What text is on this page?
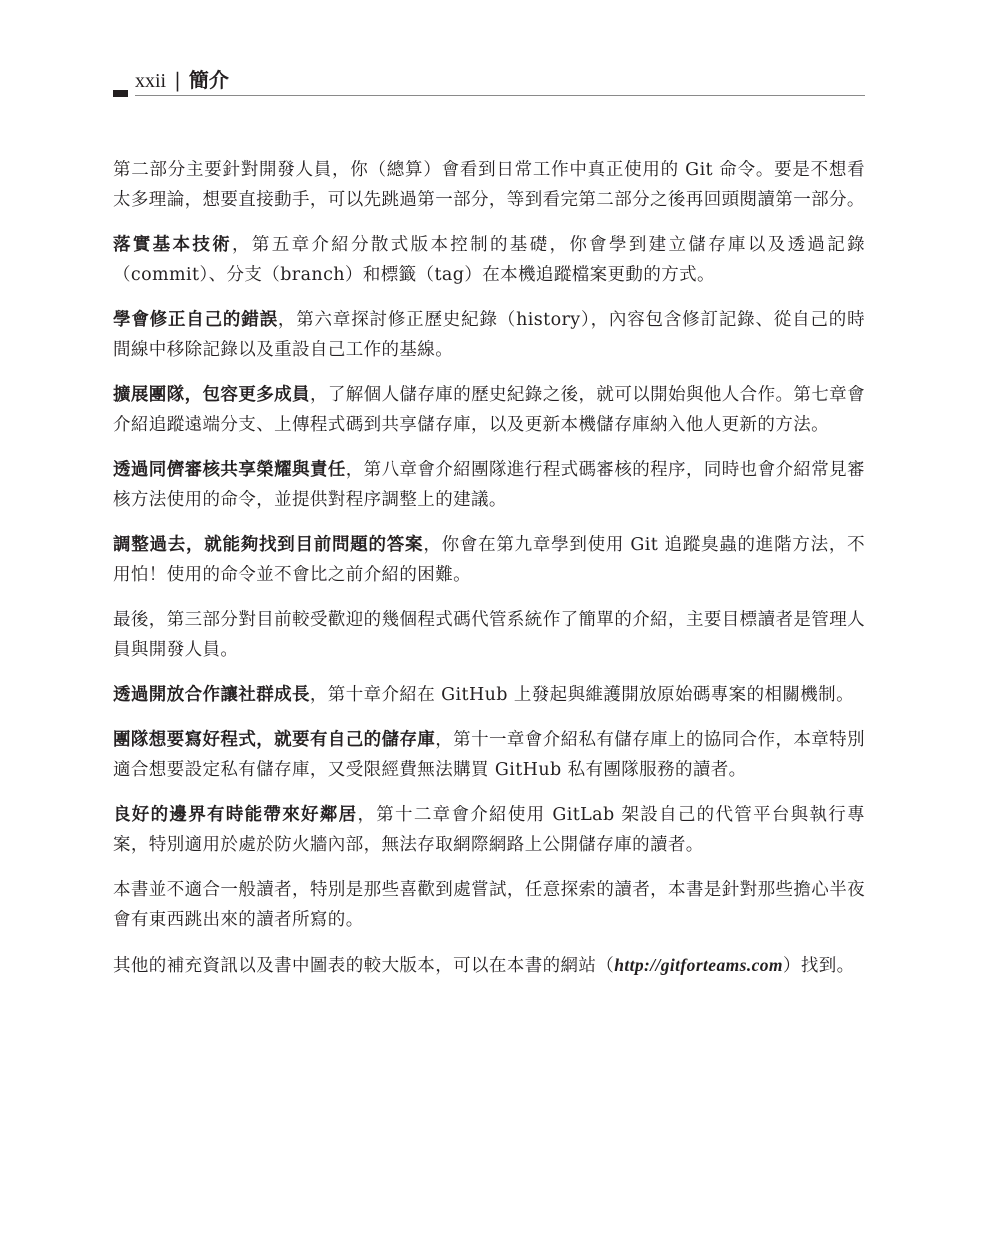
xxii | 簡介

第二部分主要針對開發人員，你（總算）會看到日常工作中真正使用的 Git 命令。要是不想看太多理論，想要直接動手，可以先跳過第一部分，等到看完第二部分之後再回頭閱讀第一部分。

落實基本技術，第五章介紹分散式版本控制的基礎，你會學到建立儲存庫以及透過記錄（commit）、分支（branch）和標籤（tag）在本機追蹤檔案更動的方式。

學會修正自己的錯誤，第六章探討修正歷史紀錄（history），內容包含修訂記錄、從自己的時間線中移除記錄以及重設自己工作的基線。

擴展團隊，包容更多成員，了解個人儲存庫的歷史紀錄之後，就可以開始與他人合作。第七章會介紹追蹤遠端分支、上傳程式碼到共享儲存庫，以及更新本機儲存庫納入他人更新的方法。

透過同儕審核共享榮耀與責任，第八章會介紹團隊進行程式碼審核的程序，同時也會介紹常見審核方法使用的命令，並提供對程序調整上的建議。

調整過去，就能夠找到目前問題的答案，你會在第九章學到使用 Git 追蹤臭蟲的進階方法，不用怕！使用的命令並不會比之前介紹的困難。

最後，第三部分對目前較受歡迎的幾個程式碼代管系統作了簡單的介紹，主要目標讀者是管理人員與開發人員。

透過開放合作讓社群成長，第十章介紹在 GitHub 上發起與維護開放原始碼專案的相關機制。

團隊想要寫好程式，就要有自己的儲存庫，第十一章會介紹私有儲存庫上的協同合作，本章特別適合想要設定私有儲存庫，又受限經費無法購買 GitHub 私有團隊服務的讀者。

良好的邊界有時能帶來好鄰居，第十二章會介紹使用 GitLab 架設自己的代管平台與執行專案，特別適用於處於防火牆內部，無法存取網際網路上公開儲存庫的讀者。

本書並不適合一般讀者，特別是那些喜歡到處嘗試，任意探索的讀者，本書是針對那些擔心半夜會有東西跳出來的讀者所寫的。

其他的補充資訊以及書中圖表的較大版本，可以在本書的網站（http://gitforteams.com）找到。
